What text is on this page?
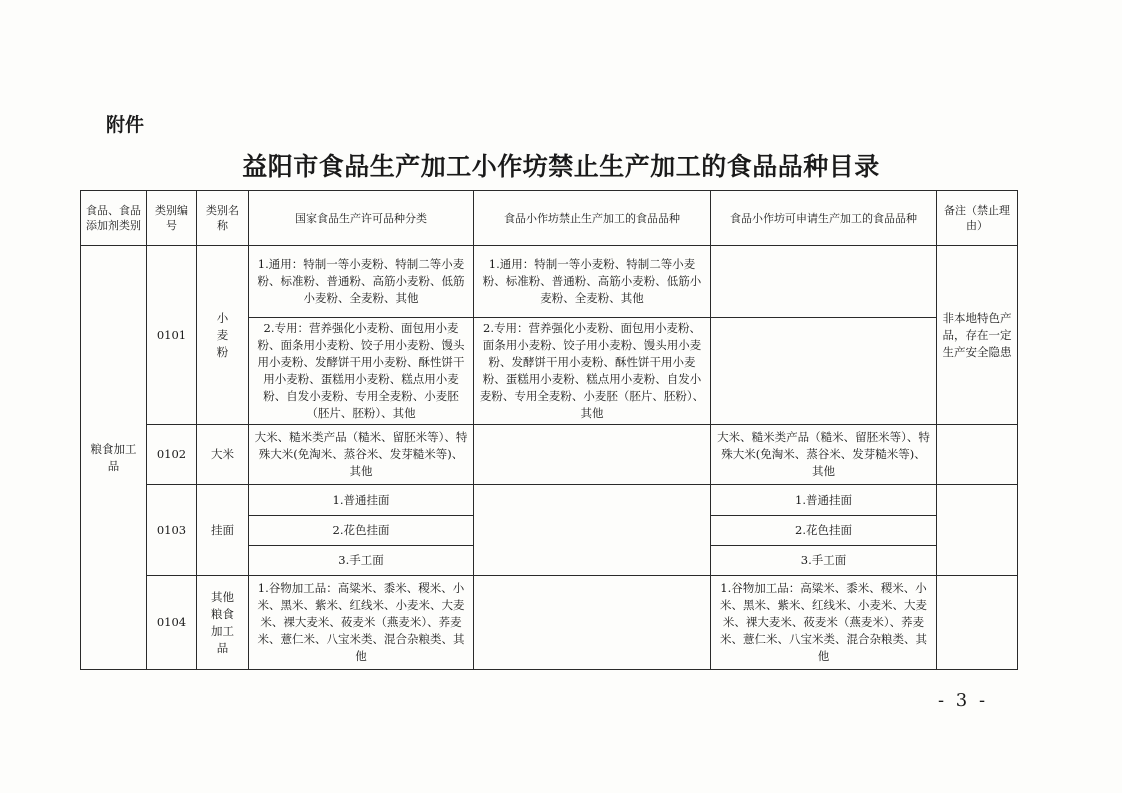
附件
益阳市食品生产加工小作坊禁止生产加工的食品品种目录
食品、食品添加剂类别	类别编号	类别名称	国家食品生产许可品种分类	食品小作坊禁止生产加工的食品品种	食品小作坊可申请生产加工的食品品种	备注（禁止理由）
粮食加工品	0101	小麦粉	1.通用：特制一等小麦粉、特制二等小麦粉、标准粉、普通粉、高筋小麦粉、低筋小麦粉、全麦粉、其他	1.通用：特制一等小麦粉、特制二等小麦粉、标准粉、普通粉、高筋小麦粉、低筋小麦粉、全麦粉、其他		非本地特色产品，存在一定生产安全隐患
			2.专用：营养强化小麦粉、面包用小麦粉、面条用小麦粉、饺子用小麦粉、馒头用小麦粉、发酵饼干用小麦粉、酥性饼干用小麦粉、蛋糕用小麦粉、糕点用小麦粉、自发小麦粉、专用全麦粉、小麦胚（胚片、胚粉）、其他	2.专用：营养强化小麦粉、面包用小麦粉、面条用小麦粉、饺子用小麦粉、馒头用小麦粉、发酵饼干用小麦粉、酥性饼干用小麦粉、蛋糕用小麦粉、糕点用小麦粉、自发小麦粉、专用全麦粉、小麦胚（胚片、胚粉）、其他		
	0102	大米	大米、糙米类产品（糙米、留胚米等）、特殊大米(免淘米、蒸谷米、发芽糙米等)、其他		大米、糙米类产品（糙米、留胚米等）、特殊大米(免淘米、蒸谷米、发芽糙米等)、其他	
	0103	挂面	1.普通挂面		1.普通挂面	
			2.花色挂面		2.花色挂面	
			3.手工面		3.手工面	
	0104	其他粮食加工品	1.谷物加工品：高粱米、黍米、稷米、小米、黑米、紫米、红线米、小麦米、大麦米、裸大麦米、莜麦米（燕麦米）、荞麦米、薏仁米、八宝米类、混合杂粮类、其他		1.谷物加工品：高粱米、黍米、稷米、小米、黑米、紫米、红线米、小麦米、大麦米、裸大麦米、莜麦米（燕麦米）、荞麦米、薏仁米、八宝米类、混合杂粮类、其他	
- 3 -
